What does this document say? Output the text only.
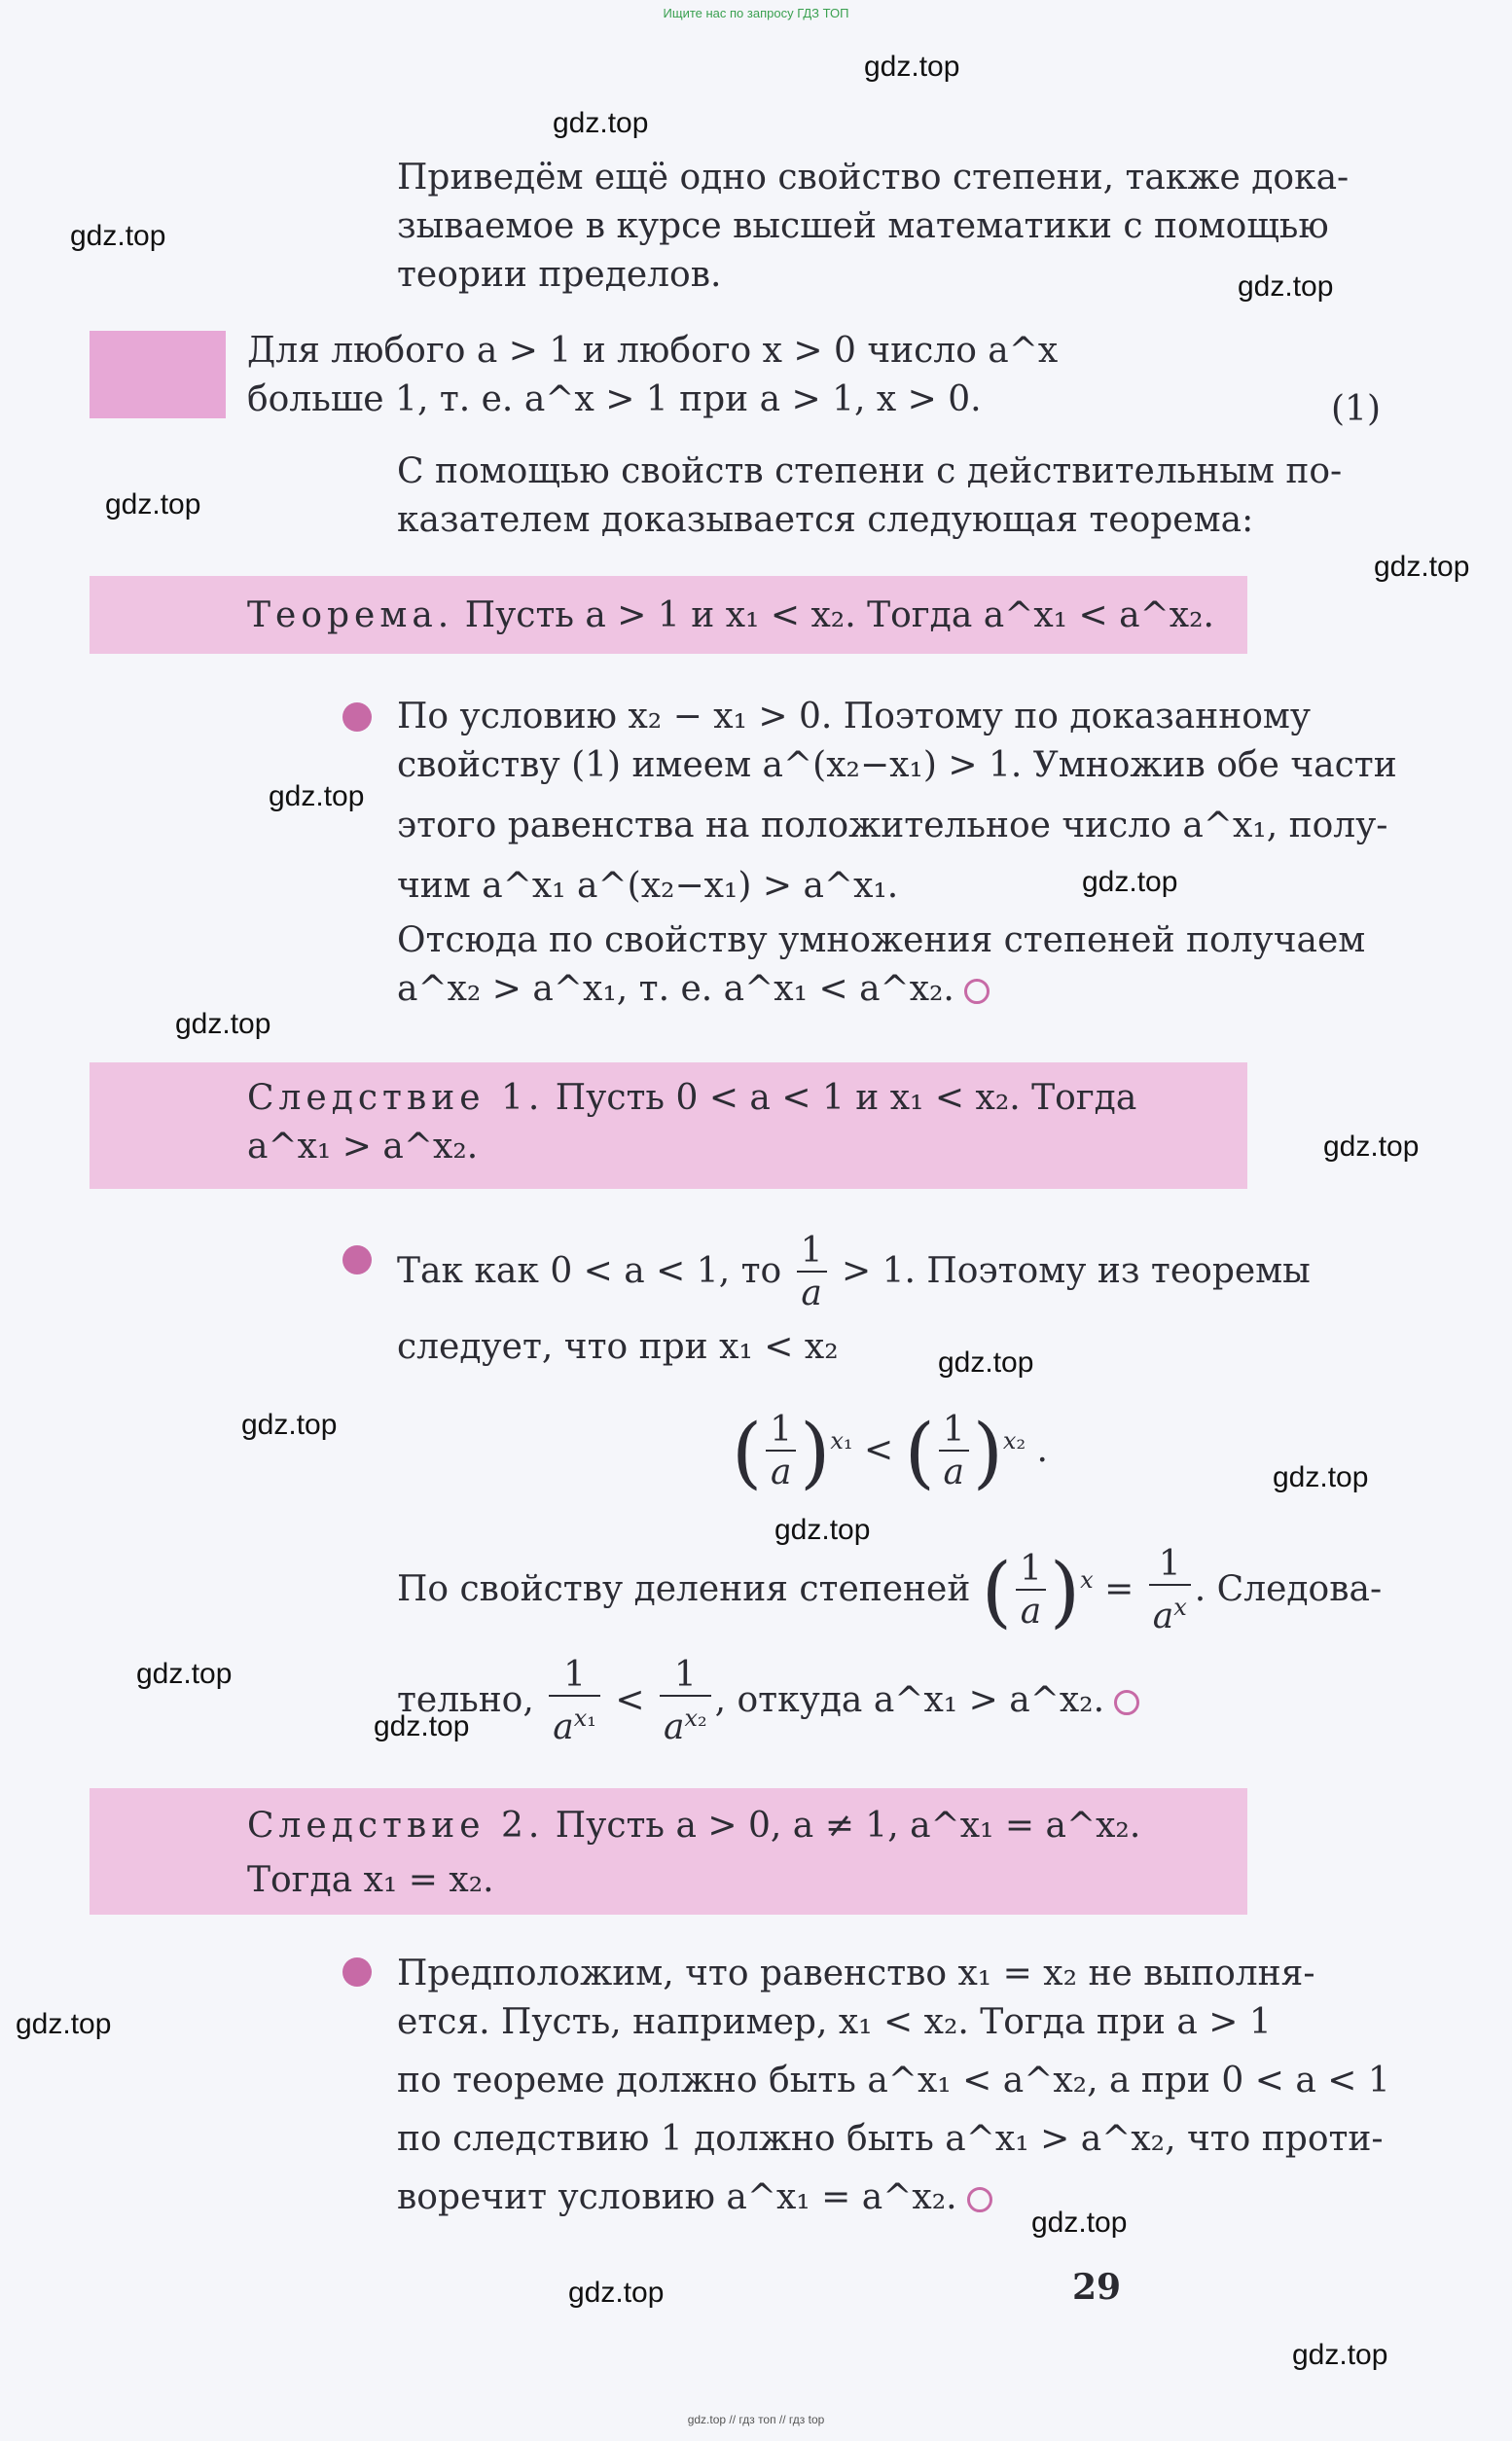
Ищите нас по запросу ГДЗ ТОП
gdz.top // гдз топ // гдз top
gdz.top
gdz.top
gdz.top
gdz.top
gdz.top
gdz.top
gdz.top
gdz.top
gdz.top
gdz.top
gdz.top
gdz.top
gdz.top
gdz.top
gdz.top
gdz.top
gdz.top
gdz.top
gdz.top
gdz.top
Приведём ещё одно свойство степени, также дока-
зываемое в курсе высшей математики с помощью
теории пределов.
Для любого a > 1 и любого x > 0 число a^x
больше 1, т. е. a^x > 1 при a > 1, x > 0.	(1)
С помощью свойств степени с действительным по-
казателем доказывается следующая теорема:
Теорема. Пусть a > 1 и x₁ < x₂. Тогда a^x₁ < a^x₂.
По условию x₂ − x₁ > 0. Поэтому по доказанному
свойству (1) имеем a^(x₂−x₁) > 1. Умножив обе части
этого равенства на положительное число a^x₁, полу-
чим a^x₁ a^(x₂−x₁) > a^x₁.
Отсюда по свойству умножения степеней получаем
a^x₂ > a^x₁, т. е. a^x₁ < a^x₂.
Следствие 1. Пусть 0 < a < 1 и x₁ < x₂. Тогда
a^x₁ > a^x₂.
Так как 0 < a < 1, то $\frac{1}{a} > 1$. Поэтому из теоремы
следует, что при x₁ < x₂
( $\frac{1}{a} )^{x_1}$ < ( $\frac{1}{a} )^{x_2}$ .
По свойству деления степеней ( $\frac{1}{a} )^x = \frac{1}{a^x}$ . Следова-
тельно, $\frac{1}{a^{x_1}} < \frac{1}{a^{x_2}}$ , откуда a^x₁ > a^x₂.
Следствие 2. Пусть a > 0, a ≠ 1, a^x₁ = a^x₂.
Тогда x₁ = x₂.
Предположим, что равенство x₁ = x₂ не выполня-
ется. Пусть, например, x₁ < x₂. Тогда при a > 1
по теореме должно быть a^x₁ < a^x₂, а при 0 < a < 1
по следствию 1 должно быть a^x₁ > a^x₂, что проти-
воречит условию a^x₁ = a^x₂.
29
